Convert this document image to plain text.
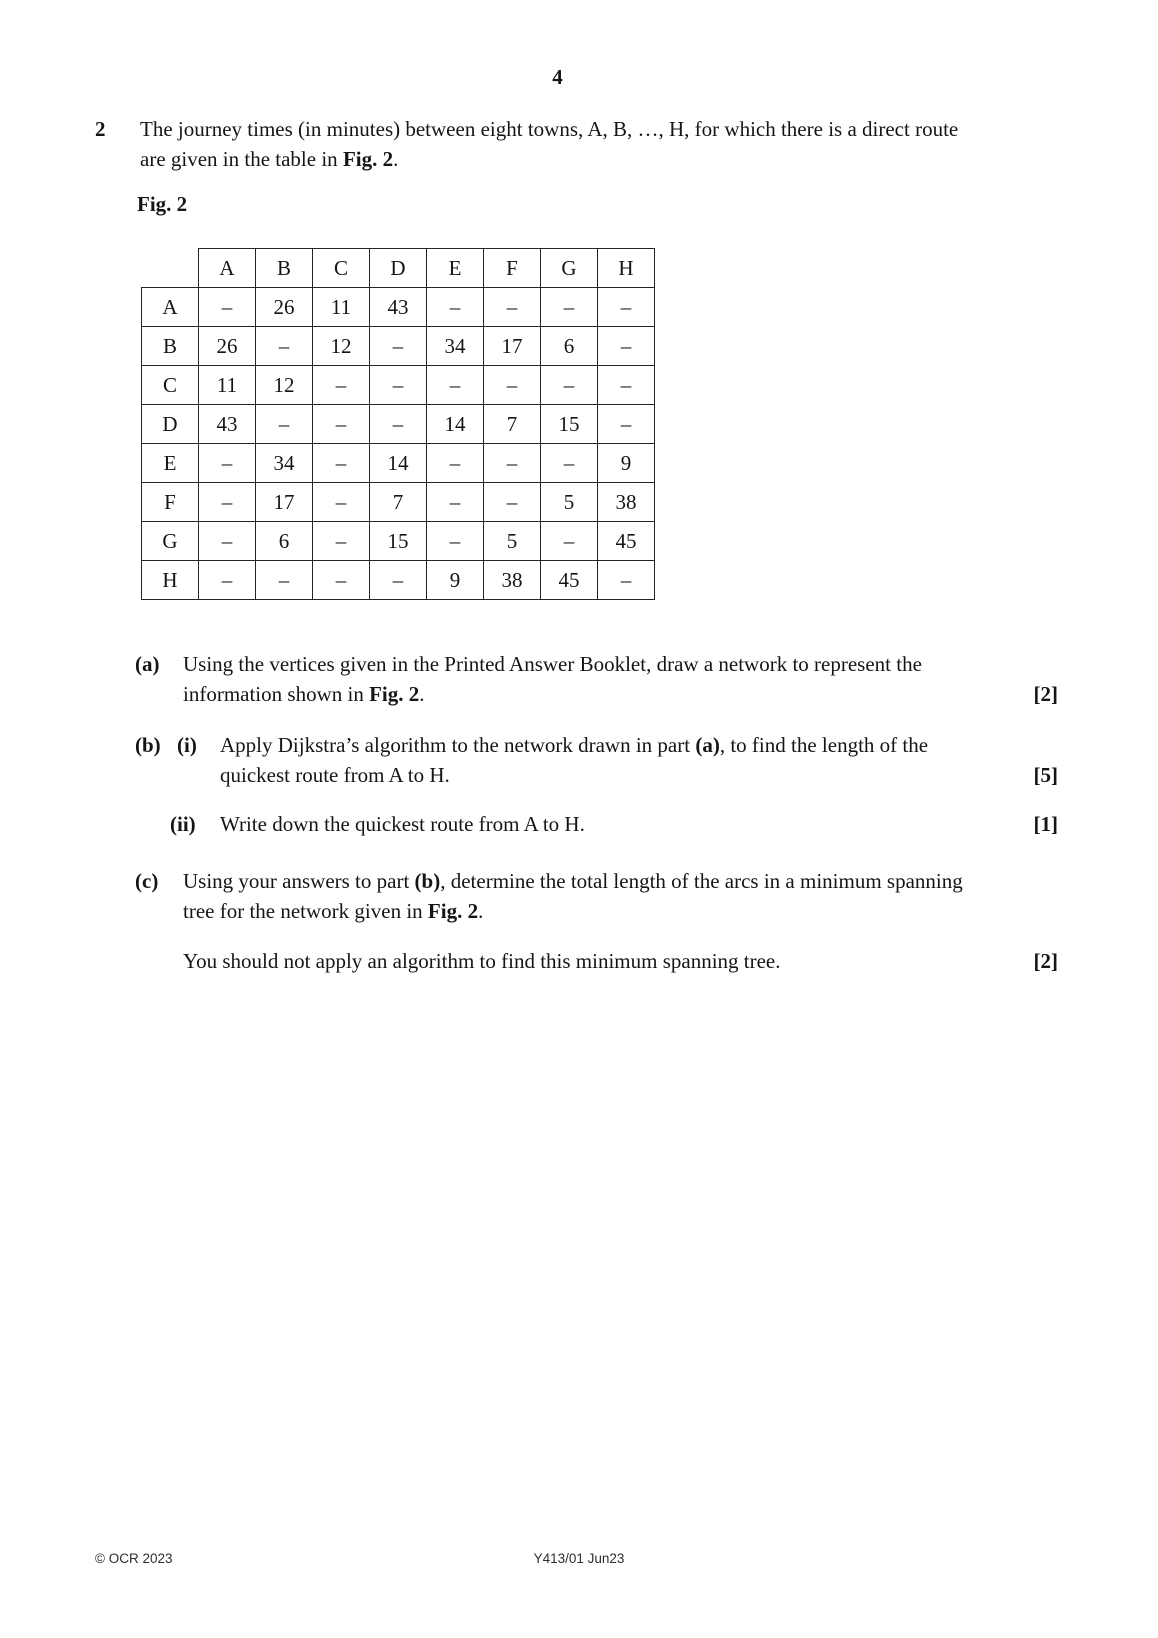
4
2	The journey times (in minutes) between eight towns, A, B, …, H, for which there is a direct route
are given in the table in Fig. 2.
Fig. 2
	A	B	C	D	E	F	G	H
A	–	26	11	43	–	–	–	–
B	26	–	12	–	34	17	6	–
C	11	12	–	–	–	–	–	–
D	43	–	–	–	14	7	15	–
E	–	34	–	14	–	–	–	9
F	–	17	–	7	–	–	5	38
G	–	6	–	15	–	5	–	45
H	–	–	–	–	9	38	45	–
(a)	Using the vertices given in the Printed Answer Booklet, draw a network to represent the
information shown in Fig. 2.	[2]
(b) (i)	Apply Dijkstra’s algorithm to the network drawn in part (a), to find the length of the
quickest route from A to H.	[5]
(ii)	Write down the quickest route from A to H.	[1]
(c)	Using your answers to part (b), determine the total length of the arcs in a minimum spanning
tree for the network given in Fig. 2.
You should not apply an algorithm to find this minimum spanning tree.	[2]
© OCR 2023	Y413/01 Jun23
